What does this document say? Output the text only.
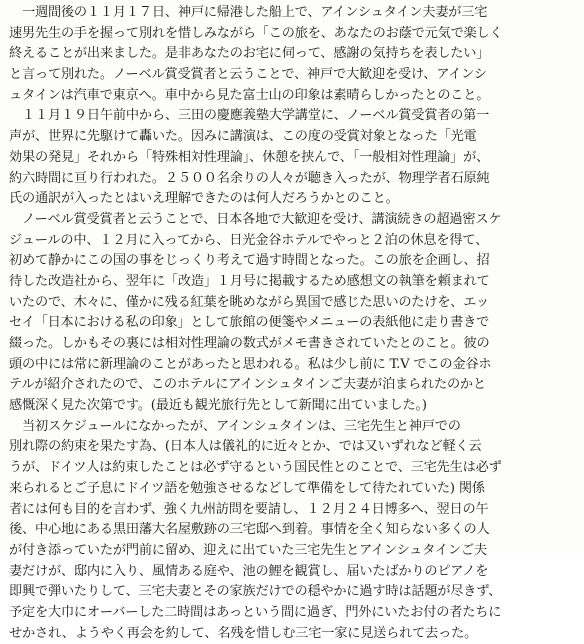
　一週間後の１１月１７日、神戸に帰港した船上で、アインシュタイン夫妻が三宅
速男先生の手を握って別れを惜しみながら「この旅を、あなたのお蔭で元気で楽しく
終えることが出来ました。是非あなたのお宅に伺って、感謝の気持ちを表したい」
と言って別れた。ノーベル賞受賞者と云うことで、神戸で大歓迎を受け、アインシ
ュタインは汽車で東京へ。車中から見た富士山の印象は素晴らしかったとのこと。
　１１月１９日午前中から、三田の慶應義塾大学講堂に、ノーベル賞受賞者の第一
声が、世界に先駆けて轟いた。因みに講演は、この度の受賞対象となった「光電
効果の発見」それから「特殊相対性理論」、休憩を挟んで、「一般相対性理論」が、
約六時間に亘り行われた。２５００名余りの人々が聴き入ったが、物理学者石原純
氏の通訳が入ったとはいえ理解できたのは何人だろうかとのこと。
　ノーベル賞受賞者と云うことで、日本各地で大歓迎を受け、講演続きの超過密スケ
ジュールの中、１２月に入ってから、日光金谷ホテルでやっと２泊の休息を得て、
初めて静かにこの国の事をじっくり考えて過す時間となった。この旅を企画し、招
待した改造社から、翌年に「改造」１月号に掲載するため感想文の執筆を頼まれて
いたので、木々に、僅かに残る紅葉を眺めながら異国で感じた思いのたけを、エッ
セイ「日本における私の印象」として旅館の便箋やメニューの表紙他に走り書きで
綴った。しかもその裏には相対性理論の数式がメモ書きされていたとのこと。彼の
頭の中には常に新理論のことがあったと思われる。私は少し前に T.V でこの金谷ホ
テルが紹介されたので、このホテルにアインシュタインご夫妻が泊まられたのかと
感慨深く見た次第です。(最近も観光旅行先として新聞に出ていました。)
　当初スケジュールになかったが、アインシュタインは、三宅先生と神戸での
別れ際の約束を果たす為、(日本人は儀礼的に近々とか、では又いずれなど軽く云
うが、ドイツ人は約束したことは必ず守るという国民性とのことで、三宅先生は必ず
来られるとご子息にドイツ語を勉強させるなどして準備をして待たれていた) 関係
者には何も目的を言わず、強く九州訪問を要請し、１２月２４日博多へ、翌日の午
後、中心地にある黒田藩大名屋敷跡の三宅邸へ到着。事情を全く知らない多くの人
が付き添っていたが門前に留め、迎えに出ていた三宅先生とアインシュタインご夫
妻だけが、邸内に入り、風情ある庭や、池の鯉を観賞し、届いたばかりのピアノを
即興で弾いたりして、三宅夫妻とその家族だけでの穏やかに過す時は話題が尽きず、
予定を大巾にオーバーした二時間はあっという間に過ぎ、門外にいたお付の者たちに
せかされ、ようやく再会を約して、名残を惜しむ三宅一家に見送られて去った。
